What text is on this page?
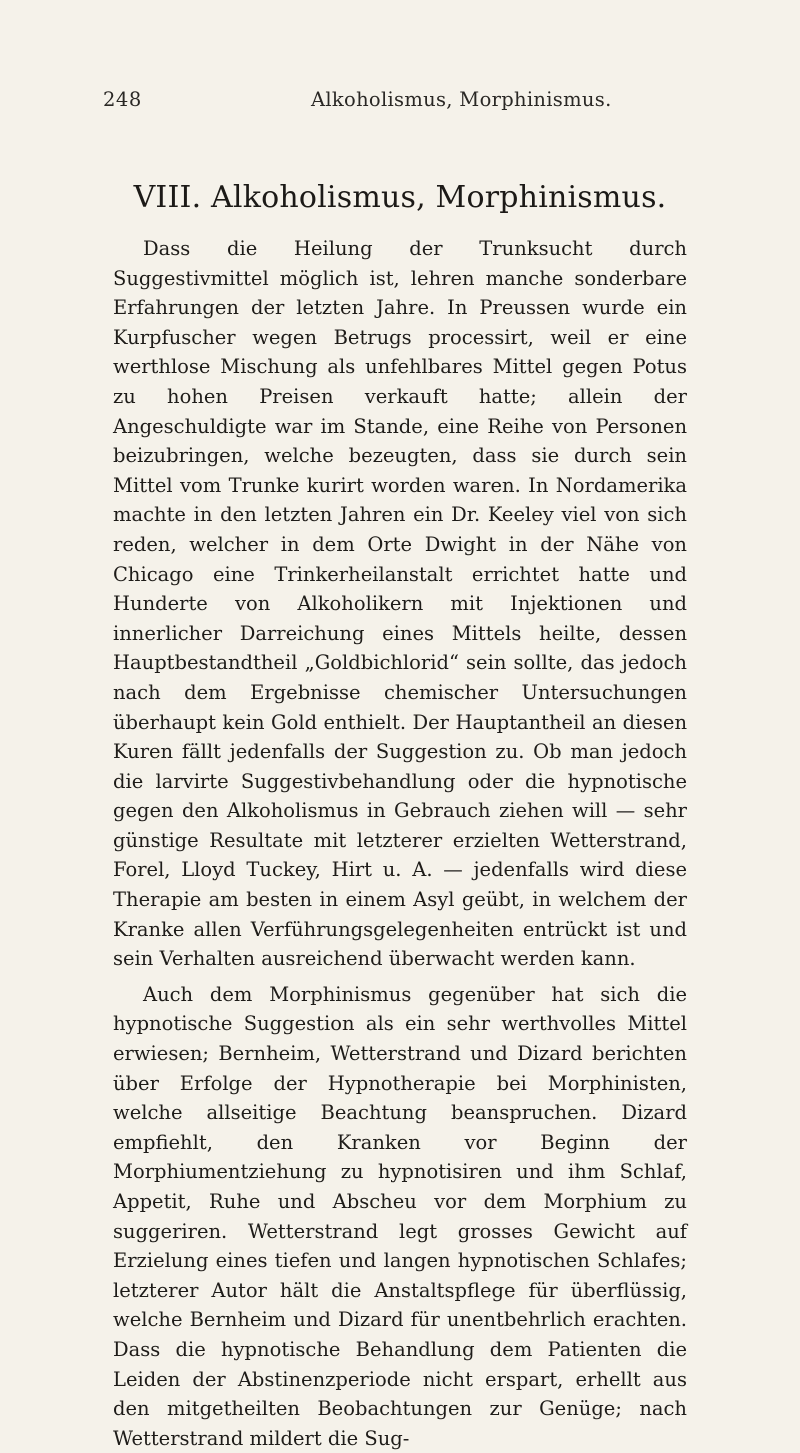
248	Alkoholismus, Morphinismus.
VIII. Alkoholismus, Morphinismus.

Dass die Heilung der Trunksucht durch Suggestivmittel möglich ist, lehren manche sonderbare Erfahrungen der letzten Jahre. In Preussen wurde ein Kurpfuscher wegen Betrugs processirt, weil er eine werthlose Mischung als unfehlbares Mittel gegen Potus zu hohen Preisen verkauft hatte; allein der Angeschuldigte war im Stande, eine Reihe von Personen beizubringen, welche bezeugten, dass sie durch sein Mittel vom Trunke kurirt worden waren. In Nordamerika machte in den letzten Jahren ein Dr. Keeley viel von sich reden, welcher in dem Orte Dwight in der Nähe von Chicago eine Trinkerheilanstalt errichtet hatte und Hunderte von Alkoholikern mit Injektionen und innerlicher Darreichung eines Mittels heilte, dessen Hauptbestandtheil „Goldbichlorid“ sein sollte, das jedoch nach dem Ergebnisse chemischer Untersuchungen überhaupt kein Gold enthielt. Der Hauptantheil an diesen Kuren fällt jedenfalls der Suggestion zu. Ob man jedoch die larvirte Suggestivbehandlung oder die hypnotische gegen den Alkoholismus in Gebrauch ziehen will — sehr günstige Resultate mit letzterer erzielten Wetterstrand, Forel, Lloyd Tuckey, Hirt u. A. — jedenfalls wird diese Therapie am besten in einem Asyl geübt, in welchem der Kranke allen Verführungsgelegenheiten entrückt ist und sein Verhalten ausreichend überwacht werden kann.

Auch dem Morphinismus gegenüber hat sich die hypnotische Suggestion als ein sehr werthvolles Mittel erwiesen; Bernheim, Wetterstrand und Dizard berichten über Erfolge der Hypnotherapie bei Morphinisten, welche allseitige Beachtung beanspruchen. Dizard empfiehlt, den Kranken vor Beginn der Morphiumentziehung zu hypnotisiren und ihm Schlaf, Appetit, Ruhe und Abscheu vor dem Morphium zu suggeriren. Wetterstrand legt grosses Gewicht auf Erzielung eines tiefen und langen hypnotischen Schlafes; letzterer Autor hält die Anstaltspflege für überflüssig, welche Bernheim und Dizard für unentbehrlich erachten. Dass die hypnotische Behandlung dem Patienten die Leiden der Abstinenzperiode nicht erspart, erhellt aus den mitgetheilten Beobachtungen zur Genüge; nach Wetterstrand mildert die Sug-
